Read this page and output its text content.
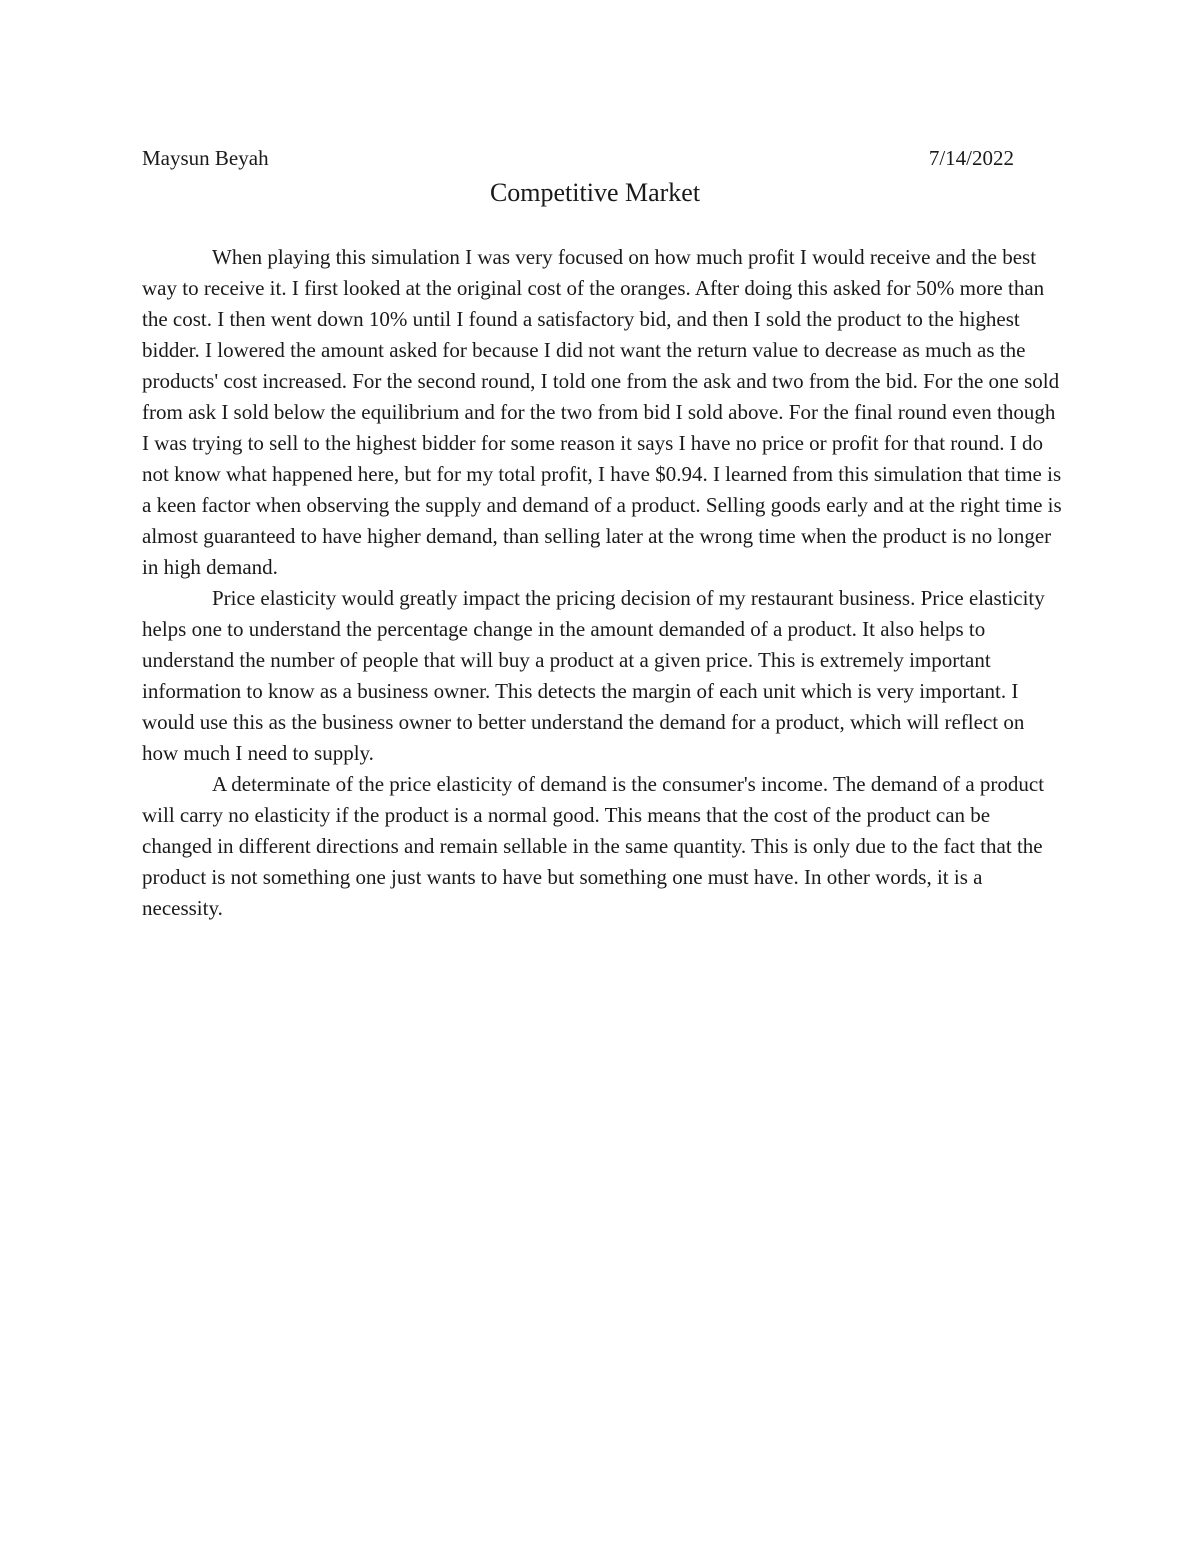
Maysun Beyah	7/14/2022
Competitive Market

When playing this simulation I was very focused on how much profit I would receive and the best way to receive it. I first looked at the original cost of the oranges. After doing this asked for 50% more than the cost. I then went down 10% until I found a satisfactory bid, and then I sold the product to the highest bidder. I lowered the amount asked for because I did not want the return value to decrease as much as the products' cost increased. For the second round, I told one from the ask and two from the bid. For the one sold from ask I sold below the equilibrium and for the two from bid I sold above. For the final round even though I was trying to sell to the highest bidder for some reason it says I have no price or profit for that round. I do not know what happened here, but for my total profit, I have $0.94. I learned from this simulation that time is a keen factor when observing the supply and demand of a product. Selling goods early and at the right time is almost guaranteed to have higher demand, than selling later at the wrong time when the product is no longer in high demand.

Price elasticity would greatly impact the pricing decision of my restaurant business. Price elasticity helps one to understand the percentage change in the amount demanded of a product. It also helps to understand the number of people that will buy a product at a given price. This is extremely important information to know as a business owner. This detects the margin of each unit which is very important. I would use this as the business owner to better understand the demand for a product, which will reflect on how much I need to supply.

A determinate of the price elasticity of demand is the consumer's income. The demand of a product will carry no elasticity if the product is a normal good. This means that the cost of the product can be changed in different directions and remain sellable in the same quantity. This is only due to the fact that the product is not something one just wants to have but something one must have. In other words, it is a necessity.
